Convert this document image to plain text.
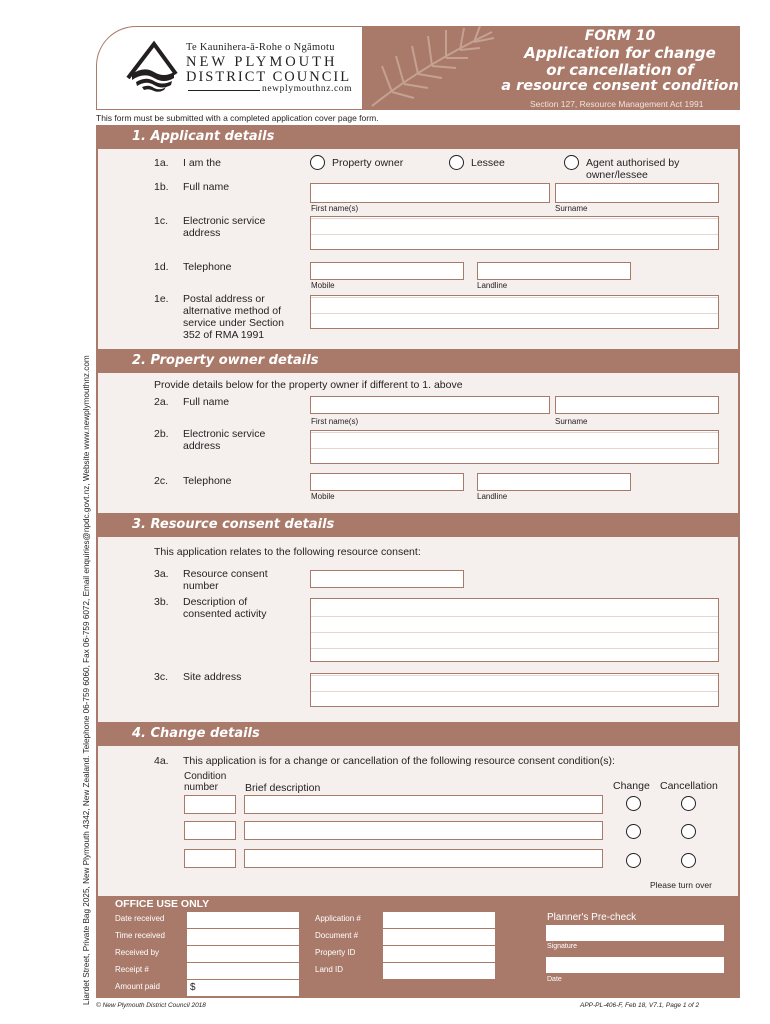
Te Kaunihera-ā-Rohe o Ngāmotu
NEW PLYMOUTH
DISTRICT COUNCIL
newplymouthnz.com
FORM 10
Application for change
or cancellation of
a resource consent condition
Section 127, Resource Management Act 1991
This form must be submitted with a completed application cover page form.
Liardet Street, Private Bag 2025, New Plymouth 4342, New Zealand. Telephone 06-759 6060, Fax 06-759 6072, Email enquiries@npdc.govt.nz, Website www.newplymouthnz.com
1. Applicant details
1a. I am the	Property owner	Lessee	Agent authorised by owner/lessee
1b. Full name
First name(s)	Surname
1c. Electronic service address
1d. Telephone
Mobile	Landline
1e. Postal address or alternative method of service under Section 352 of RMA 1991
2. Property owner details
Provide details below for the property owner if different to 1. above
2a. Full name
First name(s)	Surname
2b. Electronic service address
2c. Telephone
Mobile	Landline
3. Resource consent details
This application relates to the following resource consent:
3a. Resource consent number
3b. Description of consented activity
3c. Site address
4. Change details
4a. This application is for a change or cancellation of the following resource consent condition(s):
Condition number	Brief description	Change Cancellation
Please turn over
OFFICE USE ONLY
Date received
Time received
Received by
Receipt #
Amount paid	$
Application #
Document #
Property ID
Land ID
Planner's Pre-check
Signature
Date
© New Plymouth District Council 2018	APP-PL-406-F, Feb 18, V7.1, Page 1 of 2
